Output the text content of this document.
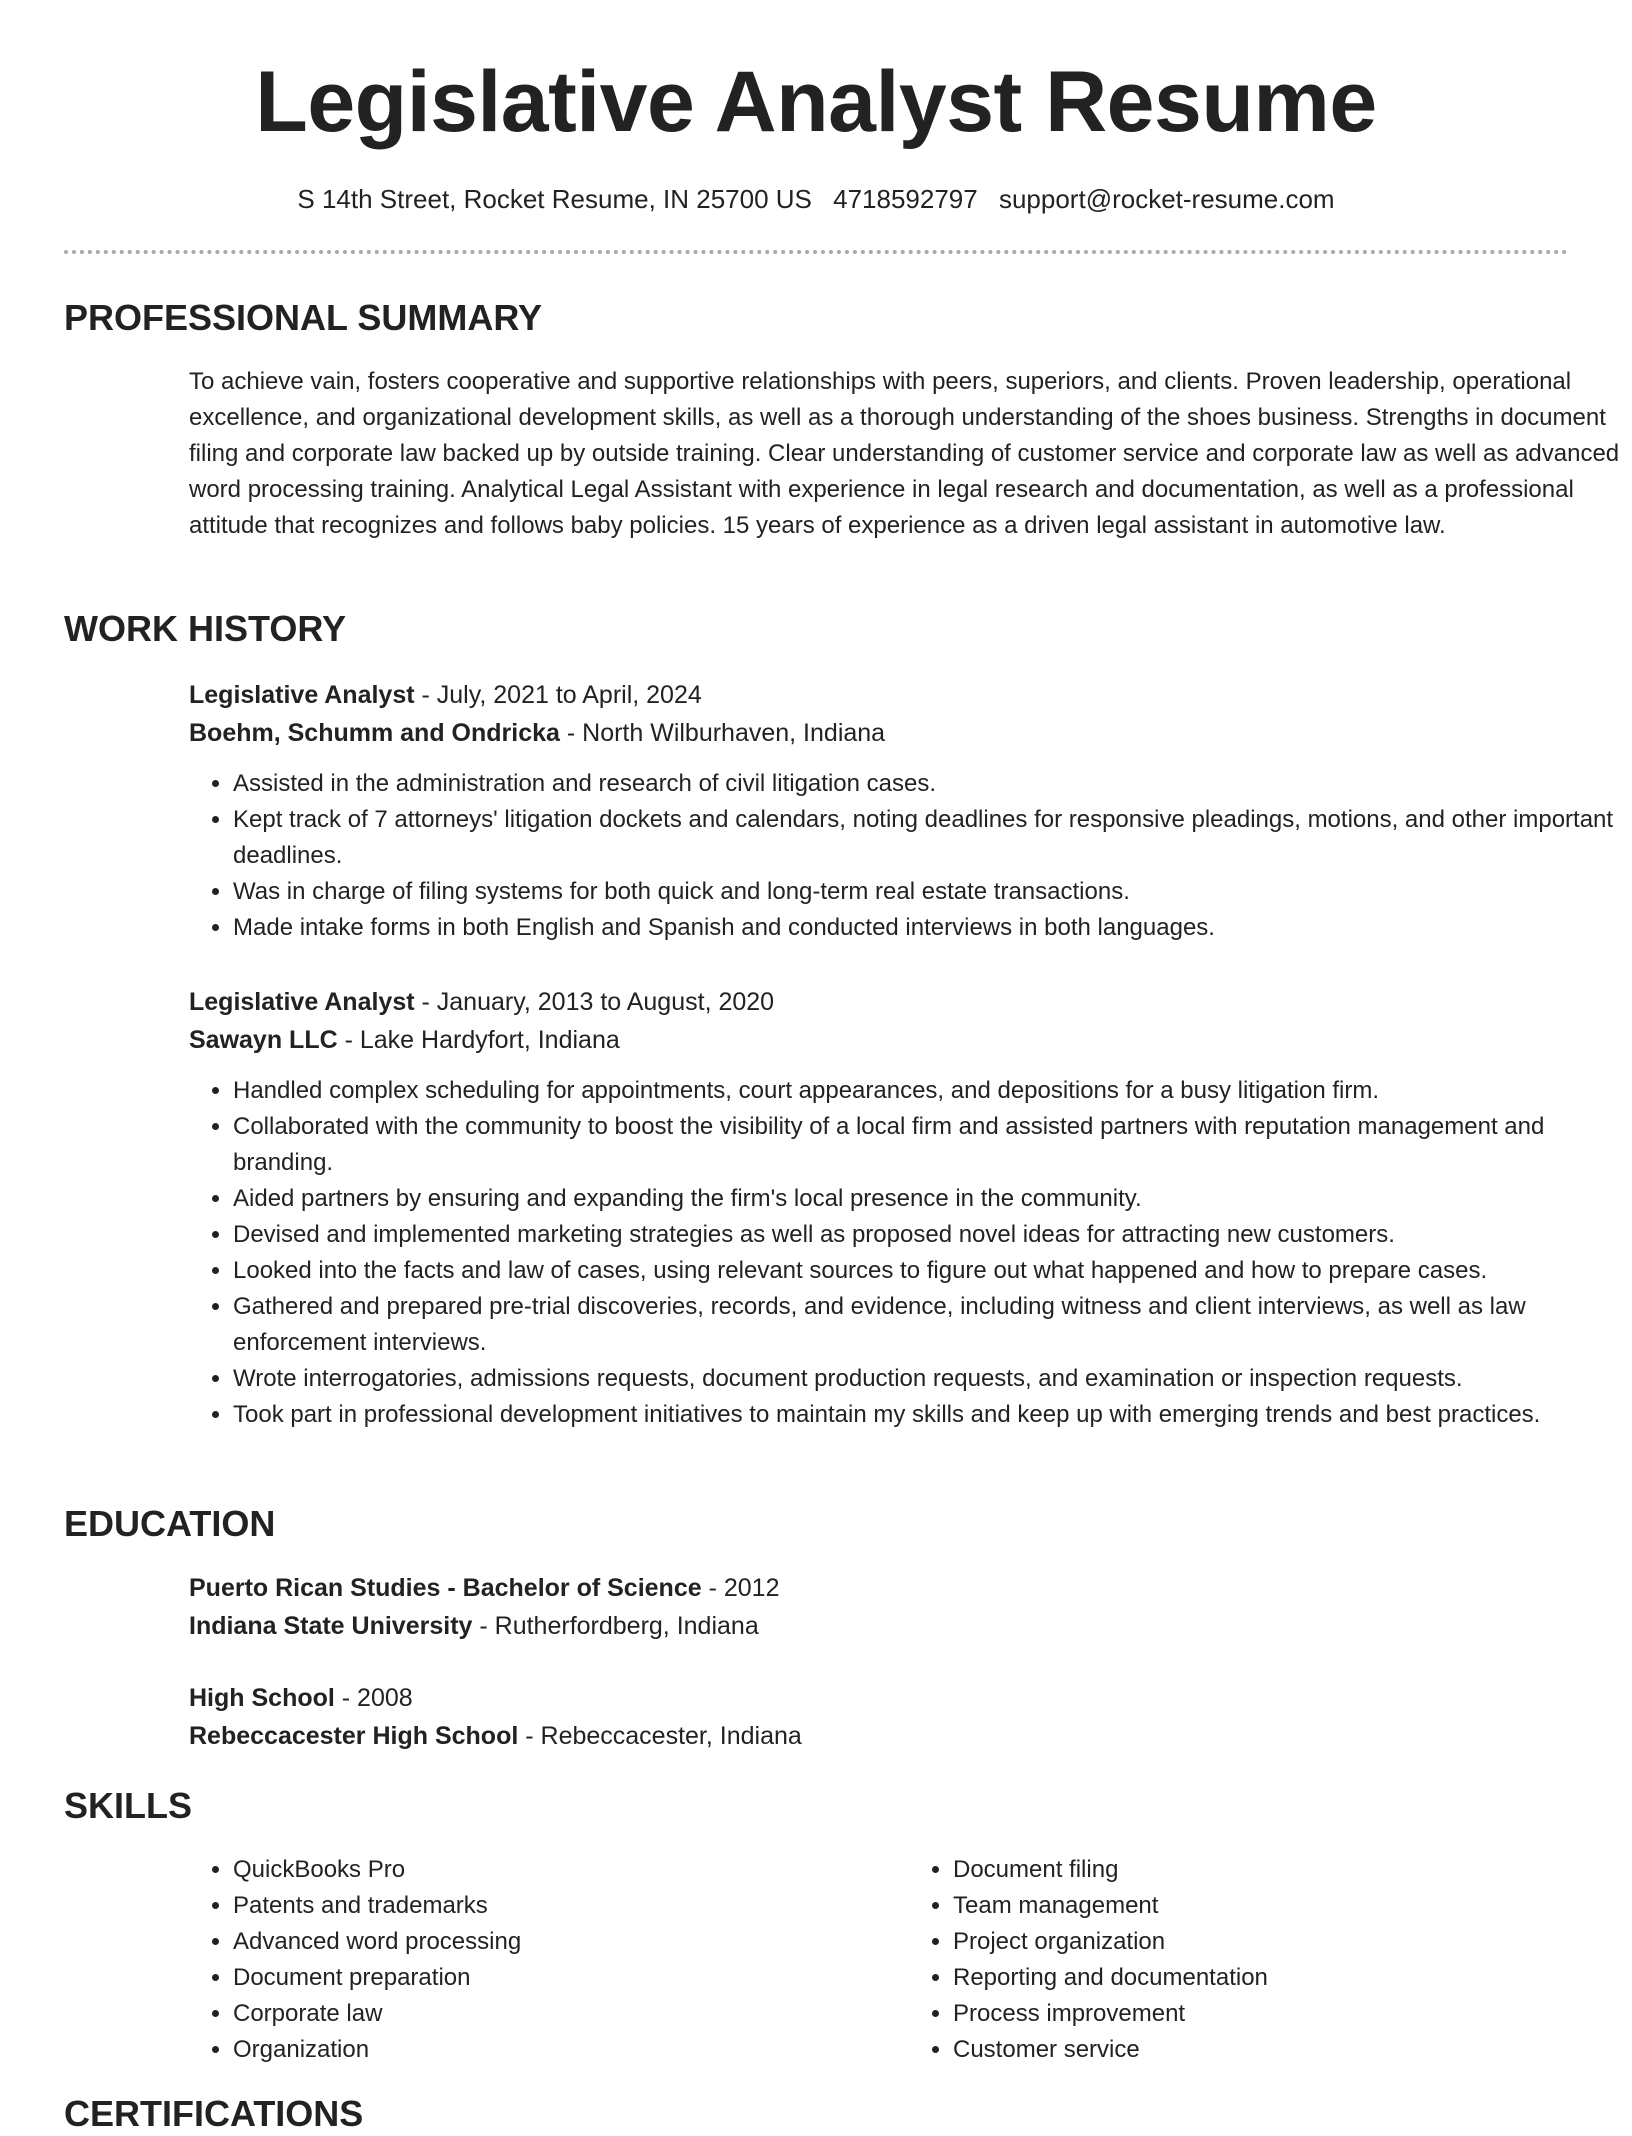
Legislative Analyst Resume
S 14th Street, Rocket Resume, IN 25700 US 4718592797 support@rocket-resume.com
PROFESSIONAL SUMMARY

To achieve vain, fosters cooperative and supportive relationships with peers, superiors, and clients. Proven leadership, operational excellence, and organizational development skills, as well as a thorough understanding of the shoes business. Strengths in document filing and corporate law backed up by outside training. Clear understanding of customer service and corporate law as well as advanced word processing training. Analytical Legal Assistant with experience in legal research and documentation, as well as a professional attitude that recognizes and follows baby policies. 15 years of experience as a driven legal assistant in automotive law.

WORK HISTORY

Legislative Analyst - July, 2021 to April, 2024

Boehm, Schumm and Ondricka - North Wilburhaven, Indiana

• Assisted in the administration and research of civil litigation cases.
• Kept track of 7 attorneys' litigation dockets and calendars, noting deadlines for responsive pleadings, motions, and other important deadlines.
• Was in charge of filing systems for both quick and long-term real estate transactions.
• Made intake forms in both English and Spanish and conducted interviews in both languages.

Legislative Analyst - January, 2013 to August, 2020

Sawayn LLC - Lake Hardyfort, Indiana

• Handled complex scheduling for appointments, court appearances, and depositions for a busy litigation firm.
• Collaborated with the community to boost the visibility of a local firm and assisted partners with reputation management and branding.
• Aided partners by ensuring and expanding the firm's local presence in the community.
• Devised and implemented marketing strategies as well as proposed novel ideas for attracting new customers.
• Looked into the facts and law of cases, using relevant sources to figure out what happened and how to prepare cases.
• Gathered and prepared pre-trial discoveries, records, and evidence, including witness and client interviews, as well as law enforcement interviews.
• Wrote interrogatories, admissions requests, document production requests, and examination or inspection requests.
• Took part in professional development initiatives to maintain my skills and keep up with emerging trends and best practices.
EDUCATION

Puerto Rican Studies - Bachelor of Science - 2012

Indiana State University - Rutherfordberg, Indiana

High School - 2008

Rebeccacester High School - Rebeccacester, Indiana

SKILLS
• QuickBooks Pro
• Patents and trademarks
• Advanced word processing
• Document preparation
• Corporate law
• Organization
• Document filing
• Team management
• Project organization
• Reporting and documentation
• Process improvement
• Customer service
CERTIFICATIONS
